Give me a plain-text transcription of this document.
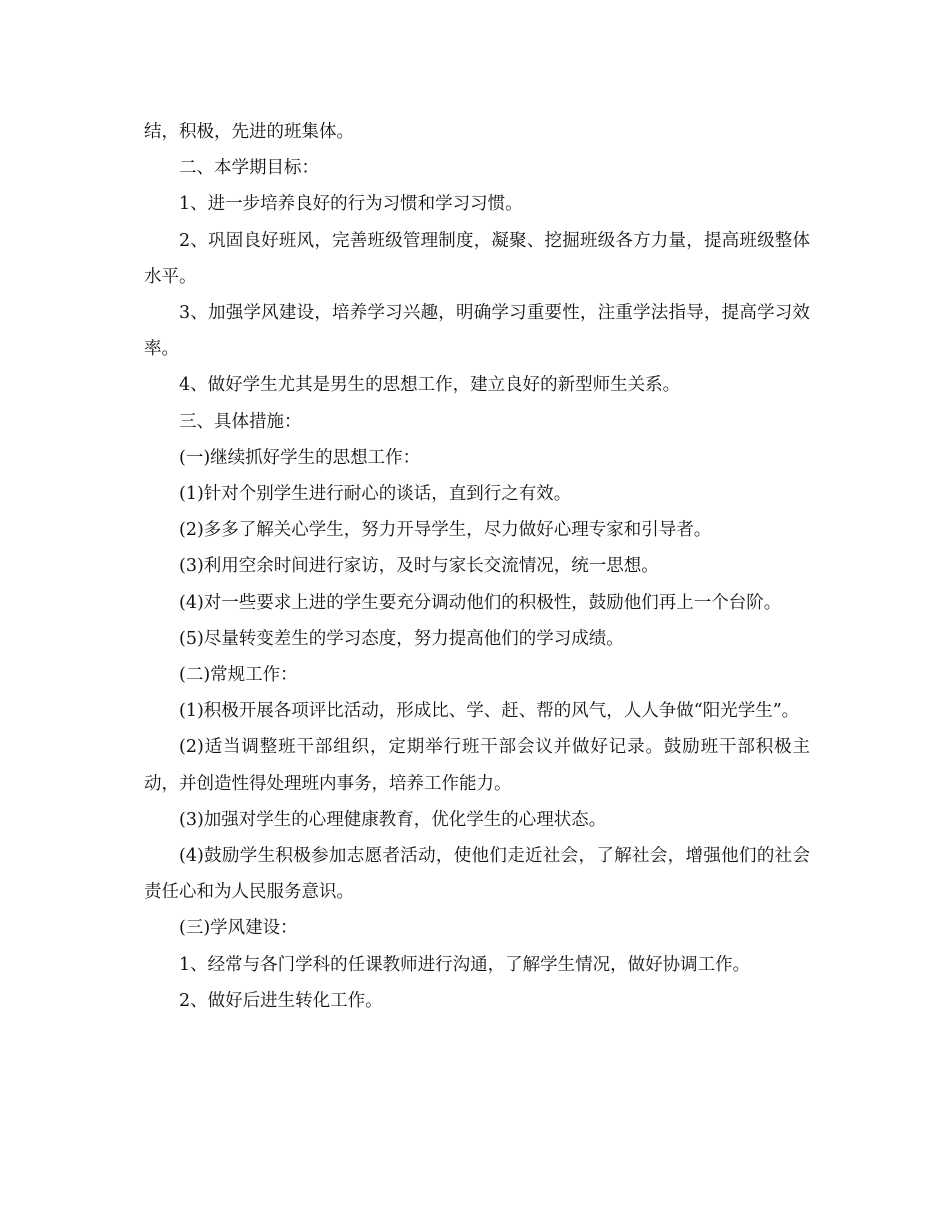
结，积极，先进的班集体。

二、本学期目标：

1、进一步培养良好的行为习惯和学习习惯。

2、巩固良好班风，完善班级管理制度，凝聚、挖掘班级各方力量，提高班级整体水平。

3、加强学风建设，培养学习兴趣，明确学习重要性，注重学法指导，提高学习效率。

4、做好学生尤其是男生的思想工作，建立良好的新型师生关系。

三、具体措施：

(一)继续抓好学生的思想工作：

(1)针对个别学生进行耐心的谈话，直到行之有效。

(2)多多了解关心学生，努力开导学生，尽力做好心理专家和引导者。

(3)利用空余时间进行家访，及时与家长交流情况，统一思想。

(4)对一些要求上进的学生要充分调动他们的积极性，鼓励他们再上一个台阶。

(5)尽量转变差生的学习态度，努力提高他们的学习成绩。

(二)常规工作：

(1)积极开展各项评比活动，形成比、学、赶、帮的风气，人人争做“阳光学生”。

(2)适当调整班干部组织，定期举行班干部会议并做好记录。鼓励班干部积极主动，并创造性得处理班内事务，培养工作能力。

(3)加强对学生的心理健康教育，优化学生的心理状态。

(4)鼓励学生积极参加志愿者活动，使他们走近社会，了解社会，增强他们的社会责任心和为人民服务意识。

(三)学风建设：

1、经常与各门学科的任课教师进行沟通，了解学生情况，做好协调工作。

2、做好后进生转化工作。
